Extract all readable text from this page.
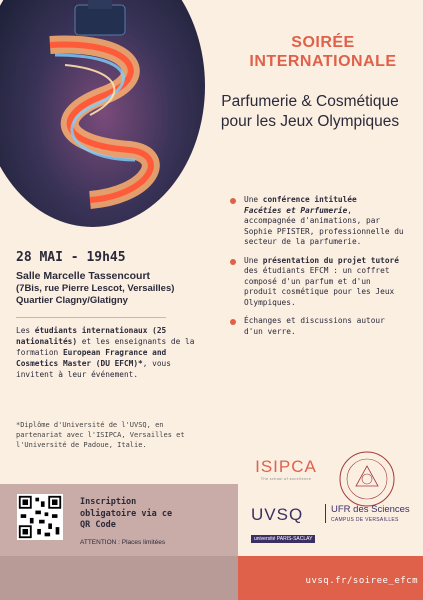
SOIRÉE
INTERNATIONALE
Parfumerie & Cosmétique
pour les Jeux Olympiques
28 MAI - 19h45
Salle Marcelle Tassencourt
(7Bis, rue Pierre Lescot, Versailles)
Quartier Clagny/Glatigny
Les étudiants internationaux (25 nationalités) et les enseignants de la formation European Fragrance and Cosmetics Master (DU EFCM)*, vous invitent à leur événement.
*Diplôme d'Université de l'UVSQ, en partenariat avec l'ISIPCA, Versailles et l'Université de Padoue, Italie.
Une conférence intitulée
Facéties et Parfumerie, accompagnée d'animations, par Sophie PFISTER, professionnelle du secteur de la parfumerie.
Une présentation du projet tutoré des étudiants EFCM : un coffret composé d'un parfum et d'un produit cosmétique pour les Jeux Olympiques.
Échanges et discussions autour d'un verre.
ISIPCA
The school of excellence
UVSQ
université PARIS-SACLAY
UFR des Sciences
CAMPUS DE VERSAILLES
Inscription
obligatoire via ce
QR Code
ATTENTION : Places limitées
uvsq.fr/soiree_efcm
